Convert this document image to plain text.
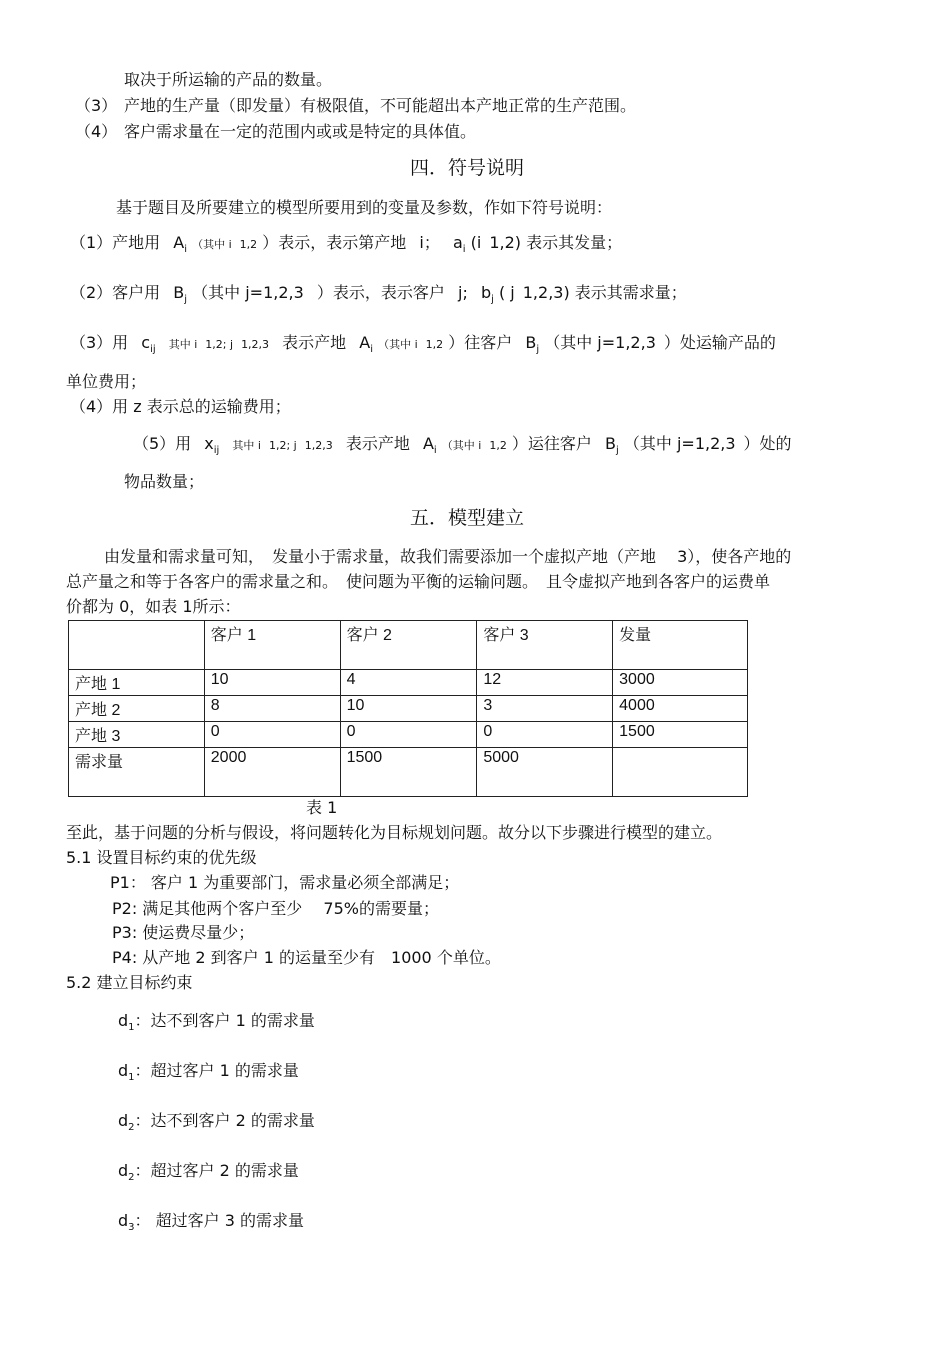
取决于所运输的产品的数量。
（3） 产地的生产量（即发量）有极限值，不可能超出本产地正常的生产范围。
（4） 客户需求量在一定的范围内或或是特定的具体值。
四．符号说明
基于题目及所要建立的模型所要用到的变量及参数，作如下符号说明：
（1）产地用 $A_i$ （其中 i 1,2 ）表示，表示第产地 i； $a_i$ (i 1,2) 表示其发量；
（2）客户用 $B_j$ （其中 j=1,2,3 ）表示，表示客户 j; $b_j$ ( j 1,2,3) 表示其需求量；
（3）用 $c_{ij}$ 其中 i 1,2; j 1,2,3 表示产地 $A_i$ （其中 i 1,2 ）往客户 $B_j$ （其中 j=1,2,3 ）处运输产品的
单位费用；
（4）用 z 表示总的运输费用；
（5）用 $x_{ij}$ 其中 i 1,2; j 1,2,3 表示产地 $A_i$ （其中 i 1,2 ）运往客户 $B_j$ （其中 j=1,2,3 ）处的
物品数量；
五．模型建立
由发量和需求量可知，　发量小于需求量，故我们需要添加一个虚拟产地（产地　 3），使各产地的
总产量之和等于各客户的需求量之和。　使问题为平衡的运输问题。　且令虚拟产地到各客户的运费单
价都为 0，如表 1所示：
	客户 1	客户 2	客户 3	发量
产地 1	10	4	12	3000
产地 2	8	10	3	4000
产地 3	0	0	0	1500
需求量	2000	1500	5000	
表 1
至此，基于问题的分析与假设，将问题转化为目标规划问题。故分以下步骤进行模型的建立。
5.1 设置目标约束的优先级
P1： 客户 1 为重要部门，需求量必须全部满足；
P2: 满足其他两个客户至少　 75%的需要量；
P3: 使运费尽量少；
P4: 从产地 2 到客户 1 的运量至少有　1000 个单位。
5.2 建立目标约束
$d_1$：达不到客户 1 的需求量
$d_1$：超过客户 1 的需求量
$d_2$：达不到客户 2 的需求量
$d_2$：超过客户 2 的需求量
$d_3$： 超过客户 3 的需求量
